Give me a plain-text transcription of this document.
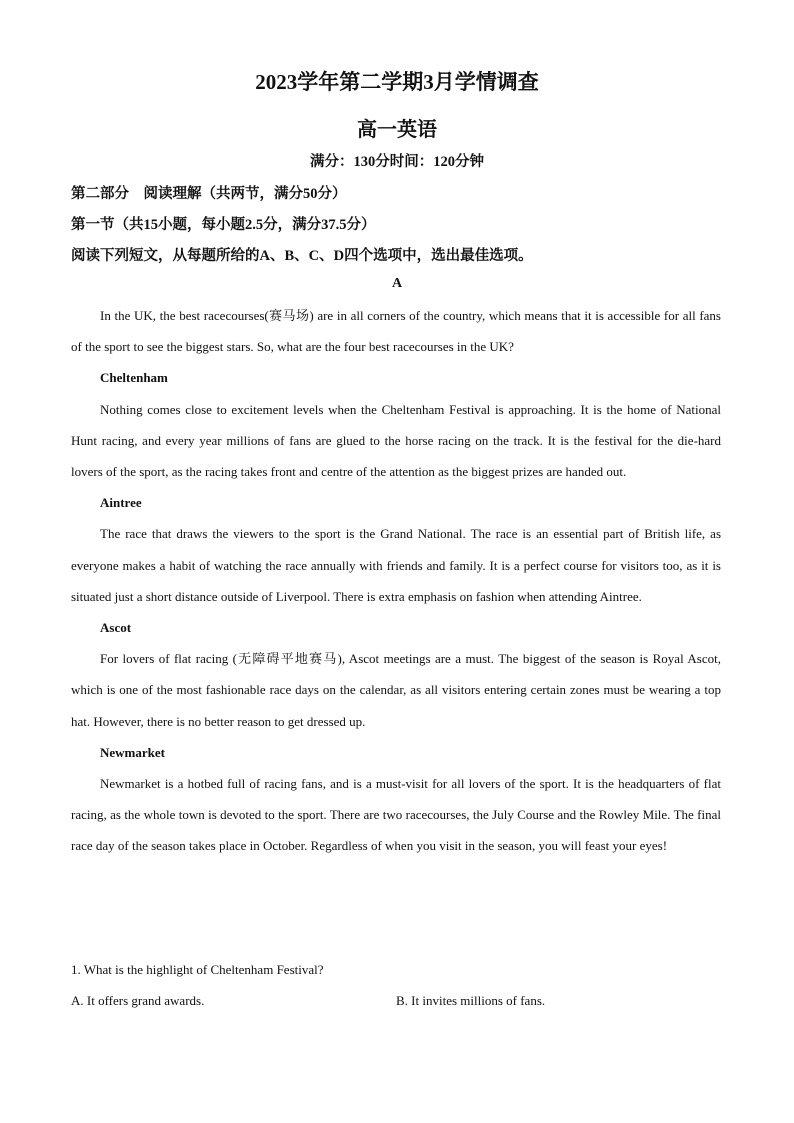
2023学年第二学期3月学情调查
高一英语
满分：130分时间：120分钟
第二部分　阅读理解（共两节，满分50分）
第一节（共15小题，每小题2.5分，满分37.5分）
阅读下列短文，从每题所给的A、B、C、D四个选项中，选出最佳选项。
A

In the UK, the best racecourses(赛马场) are in all corners of the country, which means that it is accessible for all fans of the sport to see the biggest stars. So, what are the four best racecourses in the UK?

Cheltenham

Nothing comes close to excitement levels when the Cheltenham Festival is approaching. It is the home of National Hunt racing, and every year millions of fans are glued to the horse racing on the track. It is the festival for the die-hard lovers of the sport, as the racing takes front and centre of the attention as the biggest prizes are handed out.

Aintree

The race that draws the viewers to the sport is the Grand National. The race is an essential part of British life, as everyone makes a habit of watching the race annually with friends and family. It is a perfect course for visitors too, as it is situated just a short distance outside of Liverpool. There is extra emphasis on fashion when attending Aintree.

Ascot

For lovers of flat racing (无障碍平地赛马), Ascot meetings are a must. The biggest of the season is Royal Ascot, which is one of the most fashionable race days on the calendar, as all visitors entering certain zones must be wearing a top hat. However, there is no better reason to get dressed up.

Newmarket

Newmarket is a hotbed full of racing fans, and is a must-visit for all lovers of the sport. It is the headquarters of flat racing, as the whole town is devoted to the sport. There are two racecourses, the July Course and the Rowley Mile. The final race day of the season takes place in October. Regardless of when you visit in the season, you will feast your eyes!

1. What is the highlight of Cheltenham Festival?
A. It offers grand awards.	B. It invites millions of fans.
